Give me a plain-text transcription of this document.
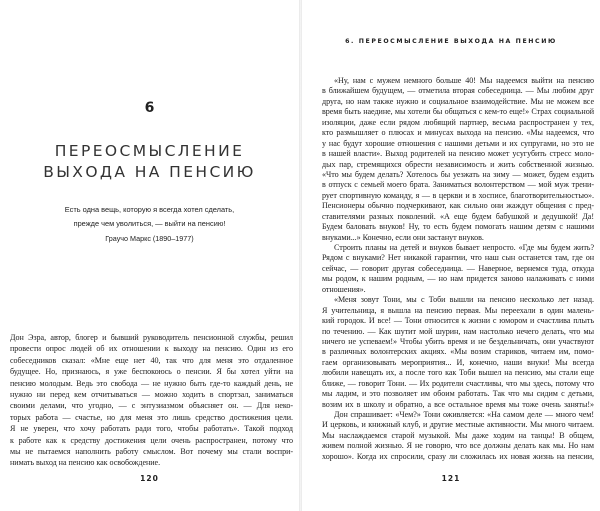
6
ПЕРЕОСМЫСЛЕНИЕ
ВЫХОДА НА ПЕНСИЮ
Есть одна вещь, которую я всегда хотел сделать,
прежде чем уволиться, — выйти на пенсию!
Граучо Маркс (1890–1977)
Дон Эзра, автор, блогер и бывший руководитель пенсионной службы, решил
провести опрос людей об их отношении к выходу на пенсию. Один из его
собеседников сказал: «Мне еще нет 40, так что для меня это отдаленное
будущее. Но, признаюсь, я уже беспокоюсь о пенсии. Я бы хотел уйти на
пенсию молодым. Ведь это свобода — не нужно быть где-то каждый день, не
нужно ни перед кем отчитываться — можно ходить в спортзал, заниматься
своими делами, что угодно, — с энтузиазмом объясняет он. — Для неко-
торых работа — счастье, но для меня это лишь средство достижения цели.
Я не уверен, что хочу работать ради того, чтобы работать». Такой подход
к работе как к средству достижения цели очень распространен, потому что
мы не пытаемся наполнить работу смыслом. Вот почему мы стали воспри-
нимать выход на пенсию как освобождение.
120
6. ПЕРЕОСМЫСЛЕНИЕ ВЫХОДА НА ПЕНСИЮ
«Ну, нам с мужем немного больше 40! Мы надеемся выйти на пенсию
в ближайшем будущем, — отметила вторая собеседница. — Мы любим друг
друга, но нам также нужно и социальное взаимодействие. Мы не можем все
время быть наедине, мы хотели бы общаться с кем-то еще!» Страх социальной
изоляции, даже если рядом любящий партнер, весьма распространен у тех,
кто размышляет о плюсах и минусах выхода на пенсию. «Мы надеемся, что
у нас будут хорошие отношения с нашими детьми и их супругами, но это не
в нашей власти». Выход родителей на пенсию может усугубить стресс моло-
дых пар, стремящихся обрести независимость и жить собственной жизнью.
«Что мы будем делать? Хотелось бы уезжать на зиму — может, будем ездить
в отпуск с семьей моего брата. Заниматься волонтерством — мой муж трени-
рует спортивную команду, я — в церкви и в хосписе, благотворительностью».
Пенсионеры обычно подчеркивают, как сильно они жаждут общения с пред-
ставителями разных поколений. «А еще будем бабушкой и дедушкой! Да!
Будем баловать внуков! Ну, то есть будем помогать нашим детям с нашими
внуками...» Конечно, если они застанут внуков.
Строить планы на детей и внуков бывает непросто. «Где мы будем жить?
Рядом с внуками? Нет никакой гарантии, что наш сын останется там, где он
сейчас, — говорит другая собеседница. — Наверное, вернемся туда, откуда
мы родом, к нашим родным, — но нам придется заново налаживать с ними
отношения».
«Меня зовут Тони, мы с Тоби вышли на пенсию несколько лет назад.
Я учительница, я вышла на пенсию первая. Мы переехали в один малень-
кий городок. И все! — Тони относится к жизни с юмором и счастлива плыть
по течению. — Как шутит мой шурин, нам настолько нечего делать, что мы
ничего не успеваем!» Чтобы убить время и не бездельничать, они участвуют
в различных волонтерских акциях. «Мы возим стариков, читаем им, помо-
гаем организовывать мероприятия... И, конечно, наши внуки! Мы всегда
любили навещать их, а после того как Тоби вышел на пенсию, мы стали еще
ближе, — говорит Тони. — Их родители счастливы, что мы здесь, потому что
мы ладим, и это позволяет им обоим работать. Так что мы сидим с детьми,
возим их в школу и обратно, а все остальное время мы тоже очень заняты!»
Дон спрашивает: «Чем?» Тони оживляется: «На самом деле — много чем!
И церковь, и книжный клуб, и другие местные активности. Мы много читаем.
Мы наслаждаемся старой музыкой. Мы даже ходим на танцы! В общем,
живем полной жизнью. Я не говорю, что все должны делать как мы. Но нам
хорошо». Когда их спросили, сразу ли сложилась их новая жизнь на пенсии,
121
